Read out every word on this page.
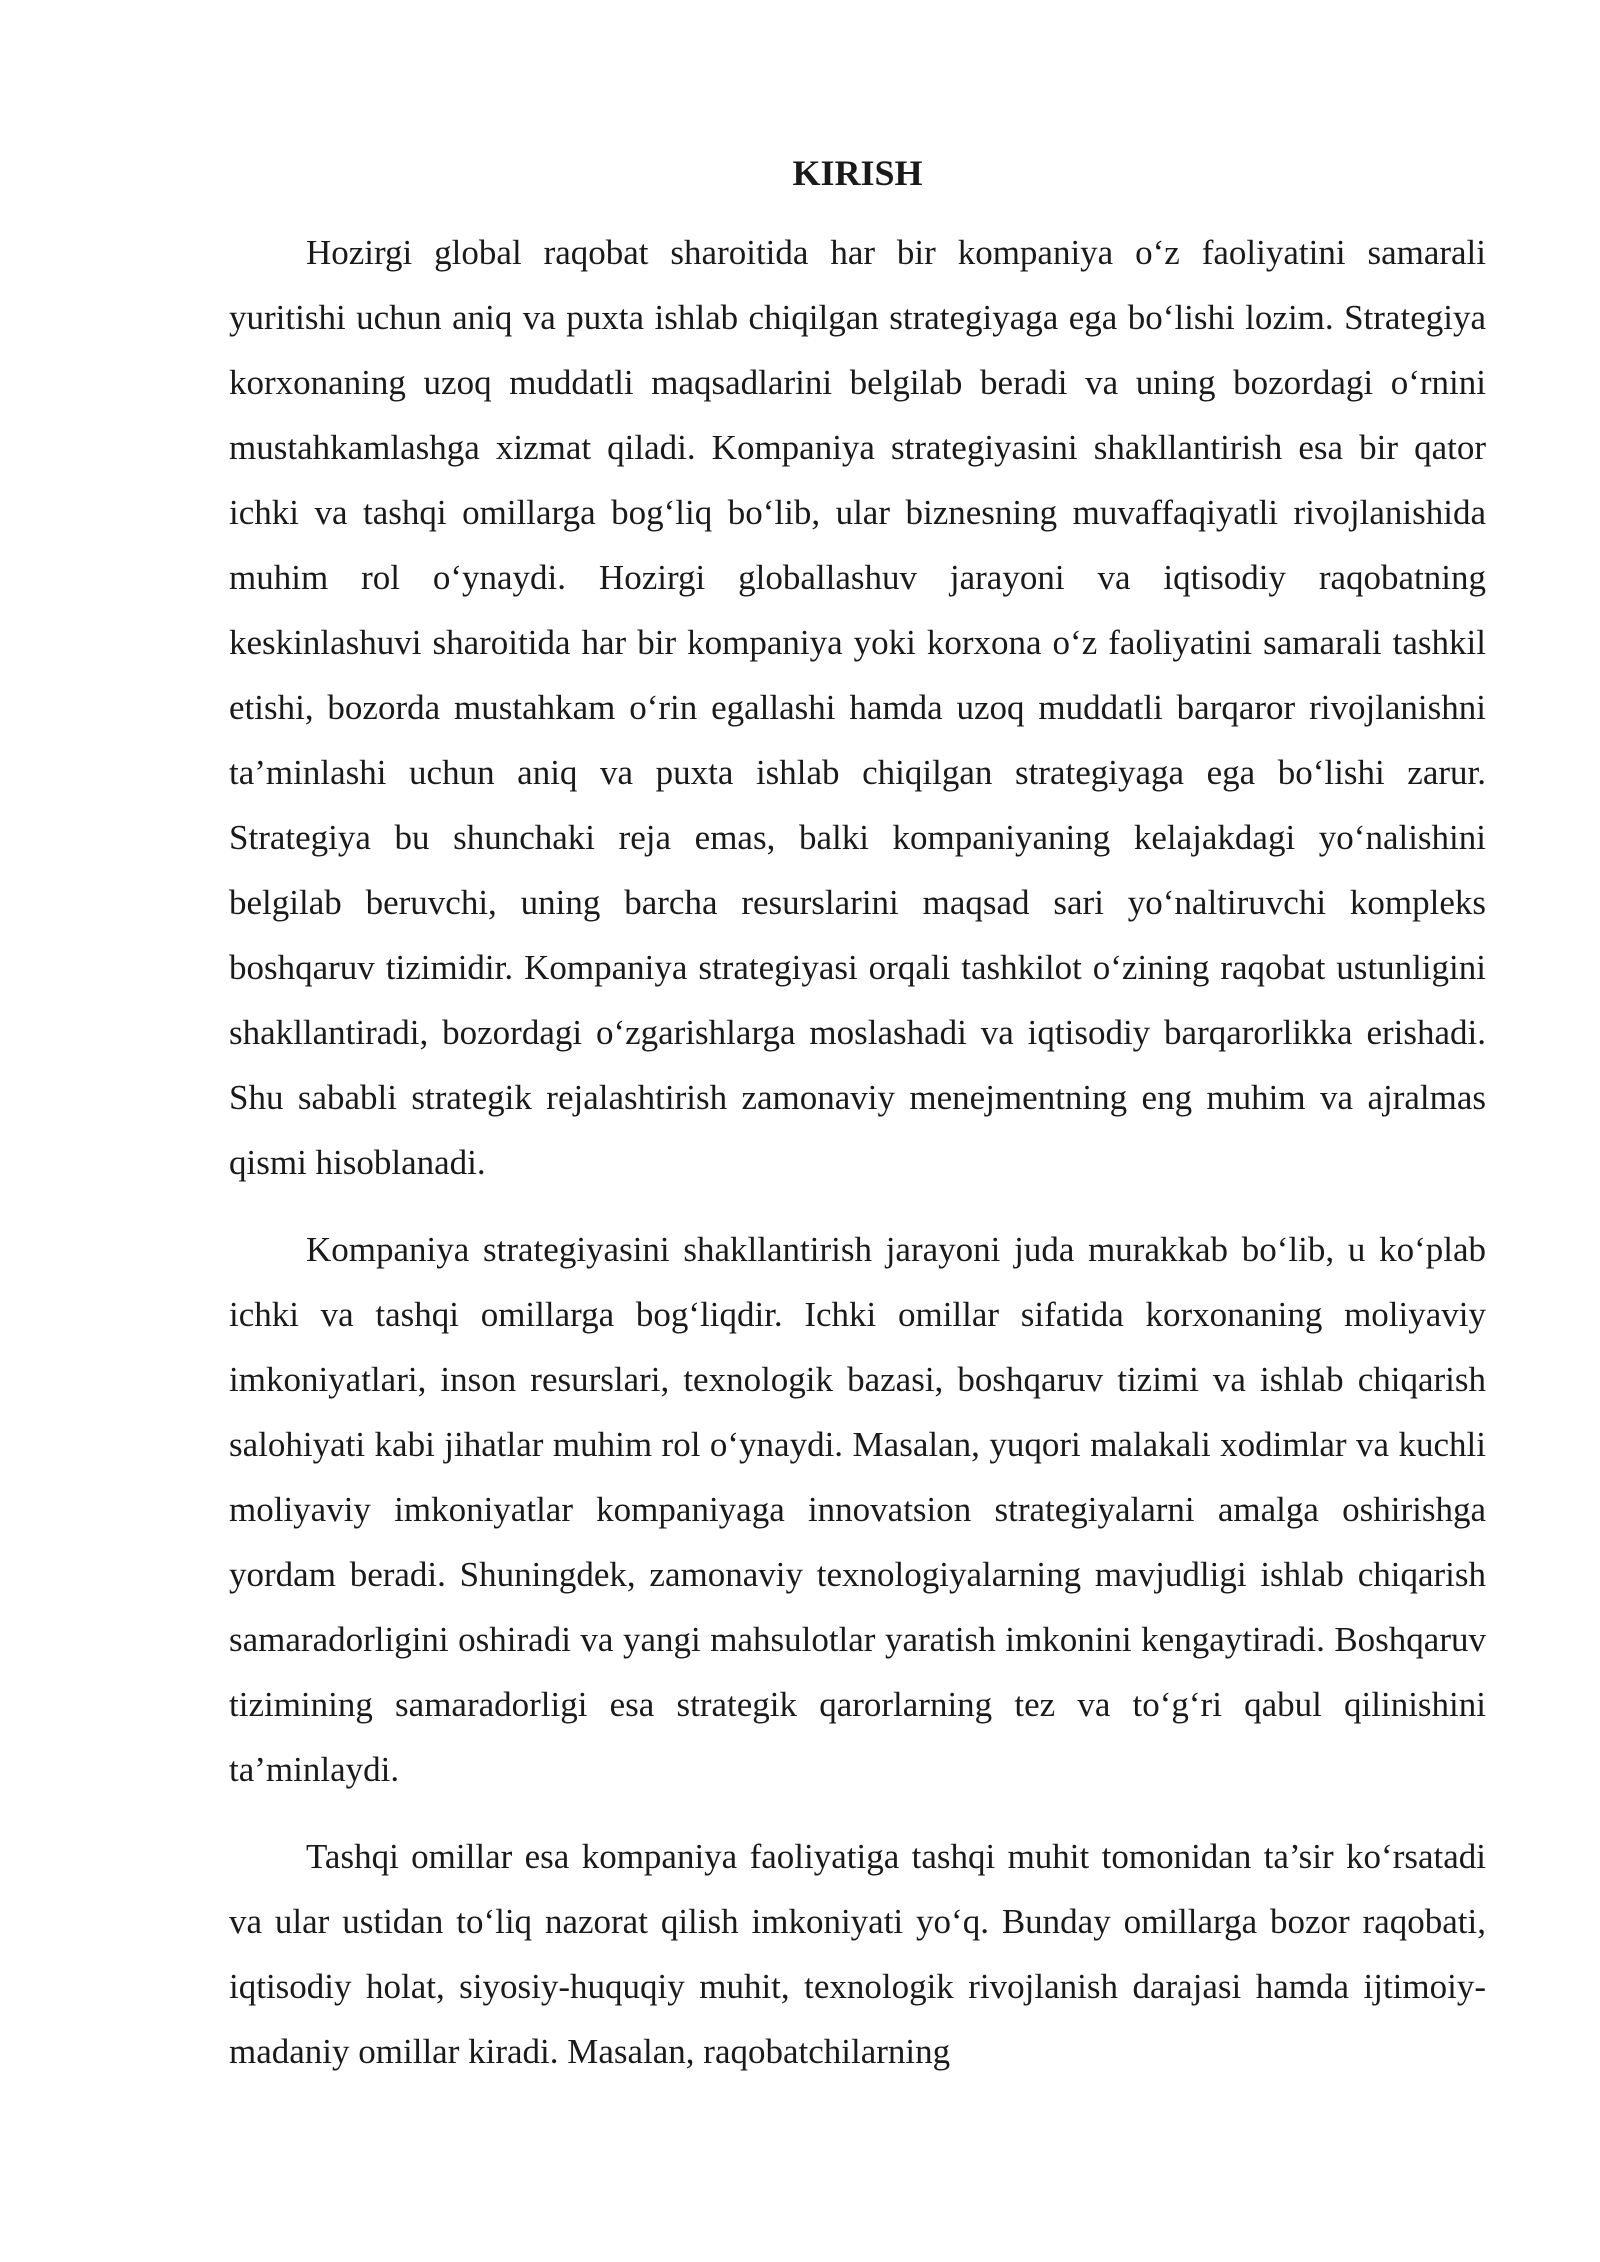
KIRISH

Hozirgi global raqobat sharoitida har bir kompaniya o‘z faoliyatini samarali yuritishi uchun aniq va puxta ishlab chiqilgan strategiyaga ega bo‘lishi lozim. Strategiya korxonaning uzoq muddatli maqsadlarini belgilab beradi va uning bozordagi o‘rnini mustahkamlashga xizmat qiladi. Kompaniya strategiyasini shakllantirish esa bir qator ichki va tashqi omillarga bog‘liq bo‘lib, ular biznesning muvaffaqiyatli rivojlanishida muhim rol o‘ynaydi. Hozirgi globallashuv jarayoni va iqtisodiy raqobatning keskinlashuvi sharoitida har bir kompaniya yoki korxona o‘z faoliyatini samarali tashkil etishi, bozorda mustahkam o‘rin egallashi hamda uzoq muddatli barqaror rivojlanishni ta’minlashi uchun aniq va puxta ishlab chiqilgan strategiyaga ega bo‘lishi zarur. Strategiya bu shunchaki reja emas, balki kompaniyaning kelajakdagi yo‘nalishini belgilab beruvchi, uning barcha resurslarini maqsad sari yo‘naltiruvchi kompleks boshqaruv tizimidir. Kompaniya strategiyasi orqali tashkilot o‘zining raqobat ustunligini shakllantiradi, bozordagi o‘zgarishlarga moslashadi va iqtisodiy barqarorlikka erishadi. Shu sababli strategik rejalashtirish zamonaviy menejmentning eng muhim va ajralmas qismi hisoblanadi.

Kompaniya strategiyasini shakllantirish jarayoni juda murakkab bo‘lib, u ko‘plab ichki va tashqi omillarga bog‘liqdir. Ichki omillar sifatida korxonaning moliyaviy imkoniyatlari, inson resurslari, texnologik bazasi, boshqaruv tizimi va ishlab chiqarish salohiyati kabi jihatlar muhim rol o‘ynaydi. Masalan, yuqori malakali xodimlar va kuchli moliyaviy imkoniyatlar kompaniyaga innovatsion strategiyalarni amalga oshirishga yordam beradi. Shuningdek, zamonaviy texnologiyalarning mavjudligi ishlab chiqarish samaradorligini oshiradi va yangi mahsulotlar yaratish imkonini kengaytiradi. Boshqaruv tizimining samaradorligi esa strategik qarorlarning tez va to‘g‘ri qabul qilinishini ta’minlaydi.

Tashqi omillar esa kompaniya faoliyatiga tashqi muhit tomonidan ta’sir ko‘rsatadi va ular ustidan to‘liq nazorat qilish imkoniyati yo‘q. Bunday omillarga bozor raqobati, iqtisodiy holat, siyosiy-huquqiy muhit, texnologik rivojlanish darajasi hamda ijtimoiy-madaniy omillar kiradi. Masalan, raqobatchilarning
